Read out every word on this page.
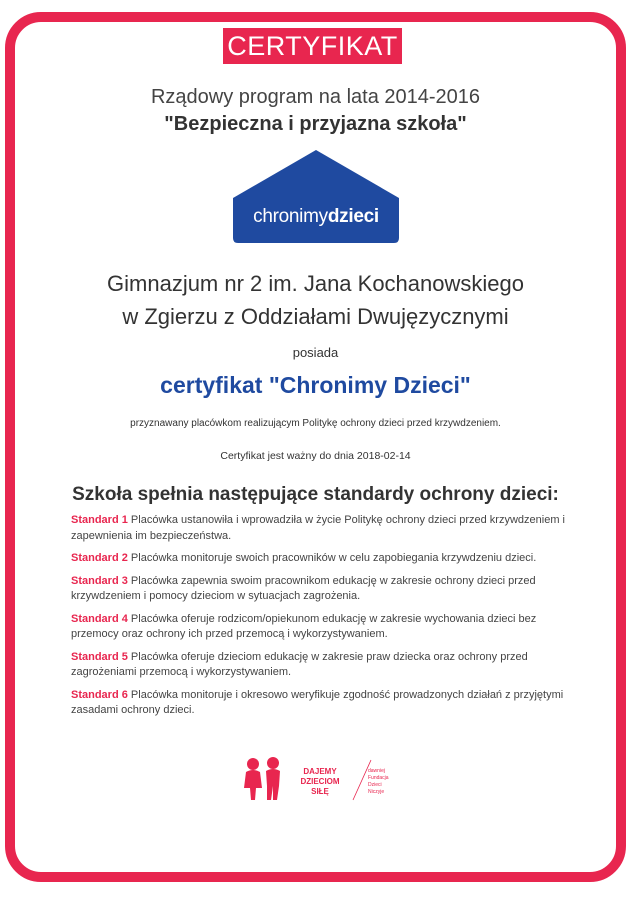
CERTYFIKAT
Rządowy program na lata 2014-2016
"Bezpieczna i przyjazna szkoła"
chronimydzieci
Gimnazjum nr 2 im. Jana Kochanowskiego
w Zgierzu z Oddziałami Dwujęzycznymi
posiada
certyfikat "Chronimy Dzieci"
przyznawany placówkom realizującym Politykę ochrony dzieci przed krzywdzeniem.
Certyfikat jest ważny do dnia 2018-02-14
Szkoła spełnia następujące standardy ochrony dzieci:
Standard 1 Placówka ustanowiła i wprowadziła w życie Politykę ochrony dzieci przed krzywdzeniem i zapewnienia im bezpieczeństwa.
Standard 2 Placówka monitoruje swoich pracowników w celu zapobiegania krzywdzeniu dzieci.
Standard 3 Placówka zapewnia swoim pracownikom edukację w zakresie ochrony dzieci przed krzywdzeniem i pomocy dzieciom w sytuacjach zagrożenia.
Standard 4 Placówka oferuje rodzicom/opiekunom edukację w zakresie wychowania dzieci bez przemocy oraz ochrony ich przed przemocą i wykorzystywaniem.
Standard 5 Placówka oferuje dzieciom edukację w zakresie praw dziecka oraz ochrony przed zagrożeniami przemocą i wykorzystywaniem.
Standard 6 Placówka monitoruje i okresowo weryfikuje zgodność prowadzonych działań z przyjętymi zasadami ochrony dzieci.
DAJEMY
DZIECIOM
SIŁĘ
dawniej
Fundacja
Dzieci
Niczyje
